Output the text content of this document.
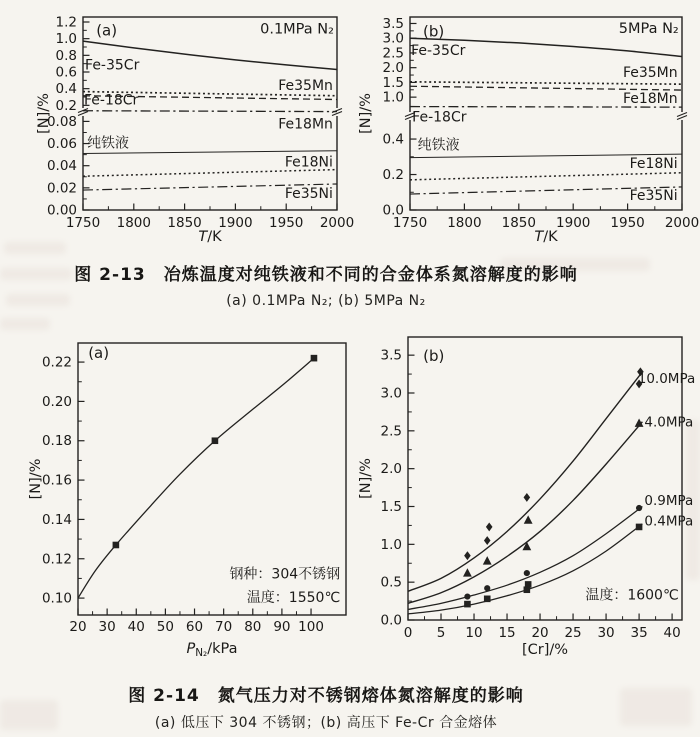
1750 1800 1850 1900 1950 2000
0.2
0.4
0.6
0.8
1.0
1.2
0.00
0.02
0.04
0.06
0.08
(a)	0.1MPa N₂
Fe-35Cr
Fe35Mn
Fe-18Cr
Fe18Mn
纯铁液
Fe18Ni
Fe35Ni
T/K
[N]/%
1750 1800 1850 1900 1950 2000
1.0
1.5
2.0
2.5
3.0
3.5
0.0
0.2
0.4
(b)	5MPa N₂
Fe-35Cr
Fe35Mn
Fe18Mn
Fe-18Cr
纯铁液
Fe18Ni
Fe35Ni
T/K
[N]/%
图 2-13　冶炼温度对纯铁液和不同的合金体系氮溶解度的影响
(a) 0.1MPa N₂; (b) 5MPa N₂
20 30 40 50 60 70 80 90 100
0.10
0.12
0.14
0.16
0.18
0.20
0.22
(a)
钢种：304不锈钢
温度：1550℃
$P_{N_2}$/kPa
[N]/%
0 5 10 15 20 25 30 35 40
0.0
0.5
1.0
1.5
2.0
2.5
3.0
3.5 (b)
10.0MPa
4.0MPa
0.9MPa
0.4MPa
温度：1600℃
[Cr]/%
[N]/%
图 2-14　氮气压力对不锈钢熔体氮溶解度的影响
(a) 低压下 304 不锈钢；(b) 高压下 Fe-Cr 合金熔体
